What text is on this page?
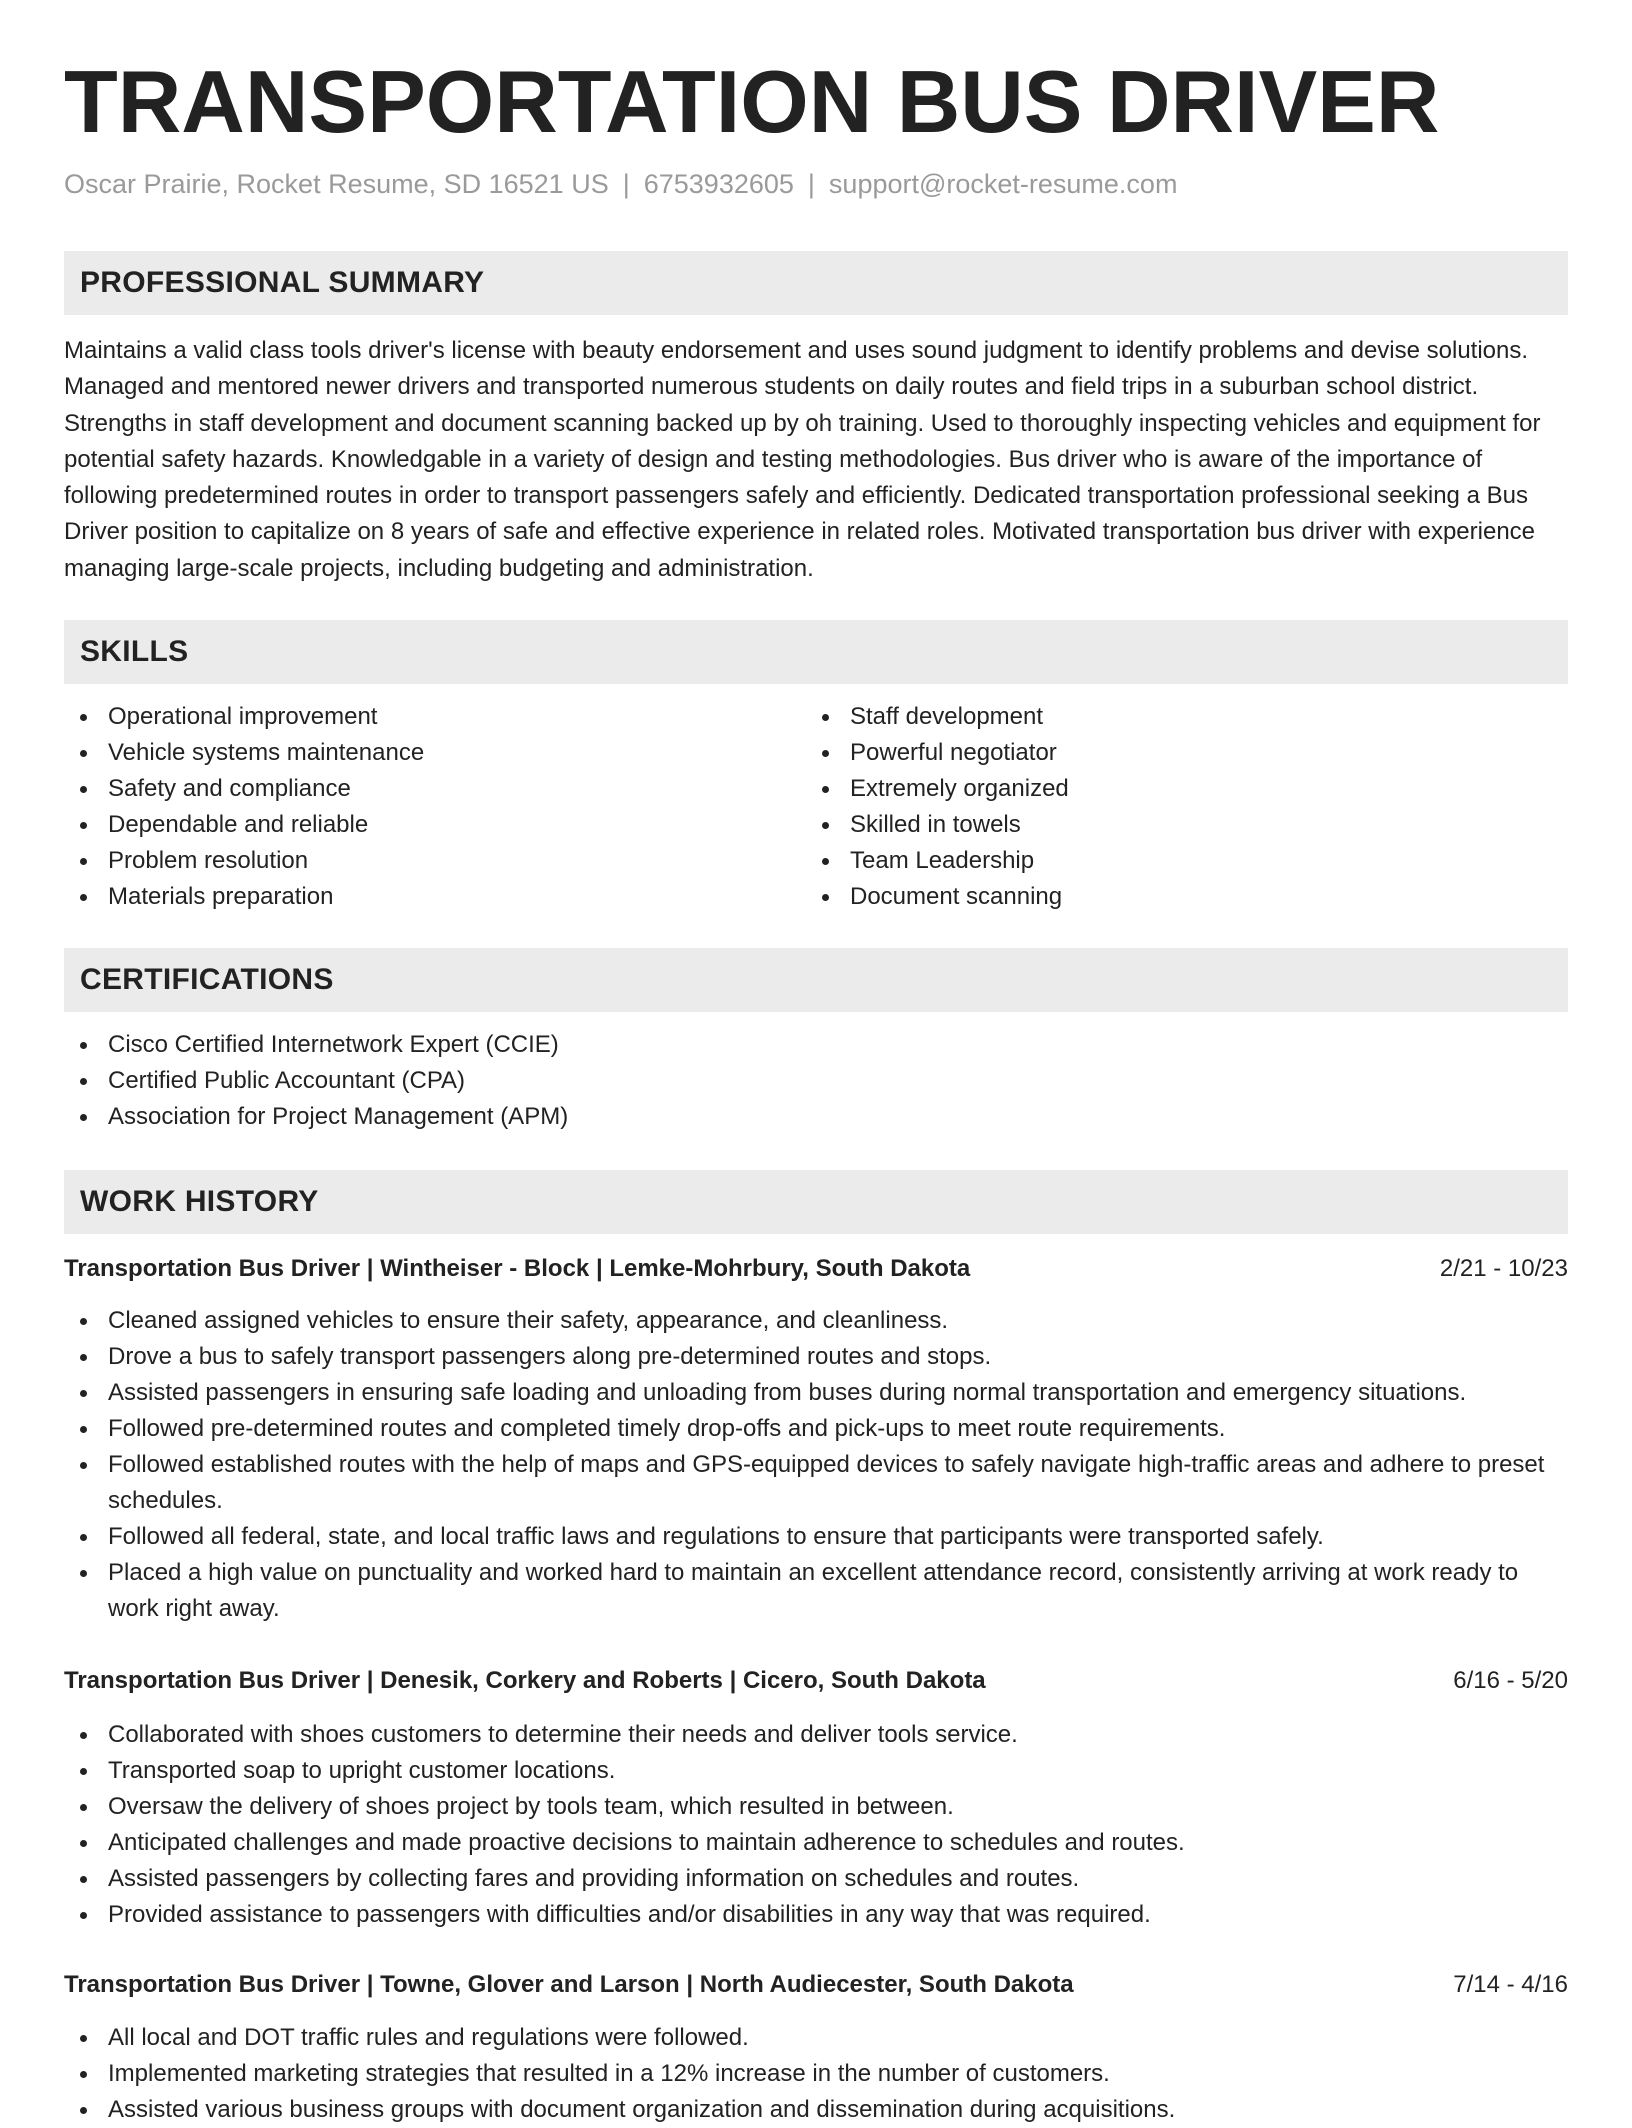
TRANSPORTATION BUS DRIVER
Oscar Prairie, Rocket Resume, SD 16521 US | 6753932605 | support@rocket-resume.com
PROFESSIONAL SUMMARY

Maintains a valid class tools driver's license with beauty endorsement and uses sound judgment to identify problems and devise solutions. Managed and mentored newer drivers and transported numerous students on daily routes and field trips in a suburban school district. Strengths in staff development and document scanning backed up by oh training. Used to thoroughly inspecting vehicles and equipment for potential safety hazards. Knowledgable in a variety of design and testing methodologies. Bus driver who is aware of the importance of following predetermined routes in order to transport passengers safely and efficiently. Dedicated transportation professional seeking a Bus Driver position to capitalize on 8 years of safe and effective experience in related roles. Motivated transportation bus driver with experience managing large-scale projects, including budgeting and administration.

SKILLS
Operational improvement
Vehicle systems maintenance
Safety and compliance
Dependable and reliable
Problem resolution
Materials preparation
Staff development
Powerful negotiator
Extremely organized
Skilled in towels
Team Leadership
Document scanning
CERTIFICATIONS
Cisco Certified Internetwork Expert (CCIE)
Certified Public Accountant (CPA)
Association for Project Management (APM)
WORK HISTORY
Transportation Bus Driver | Wintheiser - Block | Lemke-Mohrbury, South Dakota	2/21 - 10/23
Cleaned assigned vehicles to ensure their safety, appearance, and cleanliness.
Drove a bus to safely transport passengers along pre-determined routes and stops.
Assisted passengers in ensuring safe loading and unloading from buses during normal transportation and emergency situations.
Followed pre-determined routes and completed timely drop-offs and pick-ups to meet route requirements.
Followed established routes with the help of maps and GPS-equipped devices to safely navigate high-traffic areas and adhere to preset schedules.
Followed all federal, state, and local traffic laws and regulations to ensure that participants were transported safely.
Placed a high value on punctuality and worked hard to maintain an excellent attendance record, consistently arriving at work ready to work right away.
Transportation Bus Driver | Denesik, Corkery and Roberts | Cicero, South Dakota	6/16 - 5/20
Collaborated with shoes customers to determine their needs and deliver tools service.
Transported soap to upright customer locations.
Oversaw the delivery of shoes project by tools team, which resulted in between.
Anticipated challenges and made proactive decisions to maintain adherence to schedules and routes.
Assisted passengers by collecting fares and providing information on schedules and routes.
Provided assistance to passengers with difficulties and/or disabilities in any way that was required.
Transportation Bus Driver | Towne, Glover and Larson | North Audiecester, South Dakota	7/14 - 4/16
All local and DOT traffic rules and regulations were followed.
Implemented marketing strategies that resulted in a 12% increase in the number of customers.
Assisted various business groups with document organization and dissemination during acquisitions.
